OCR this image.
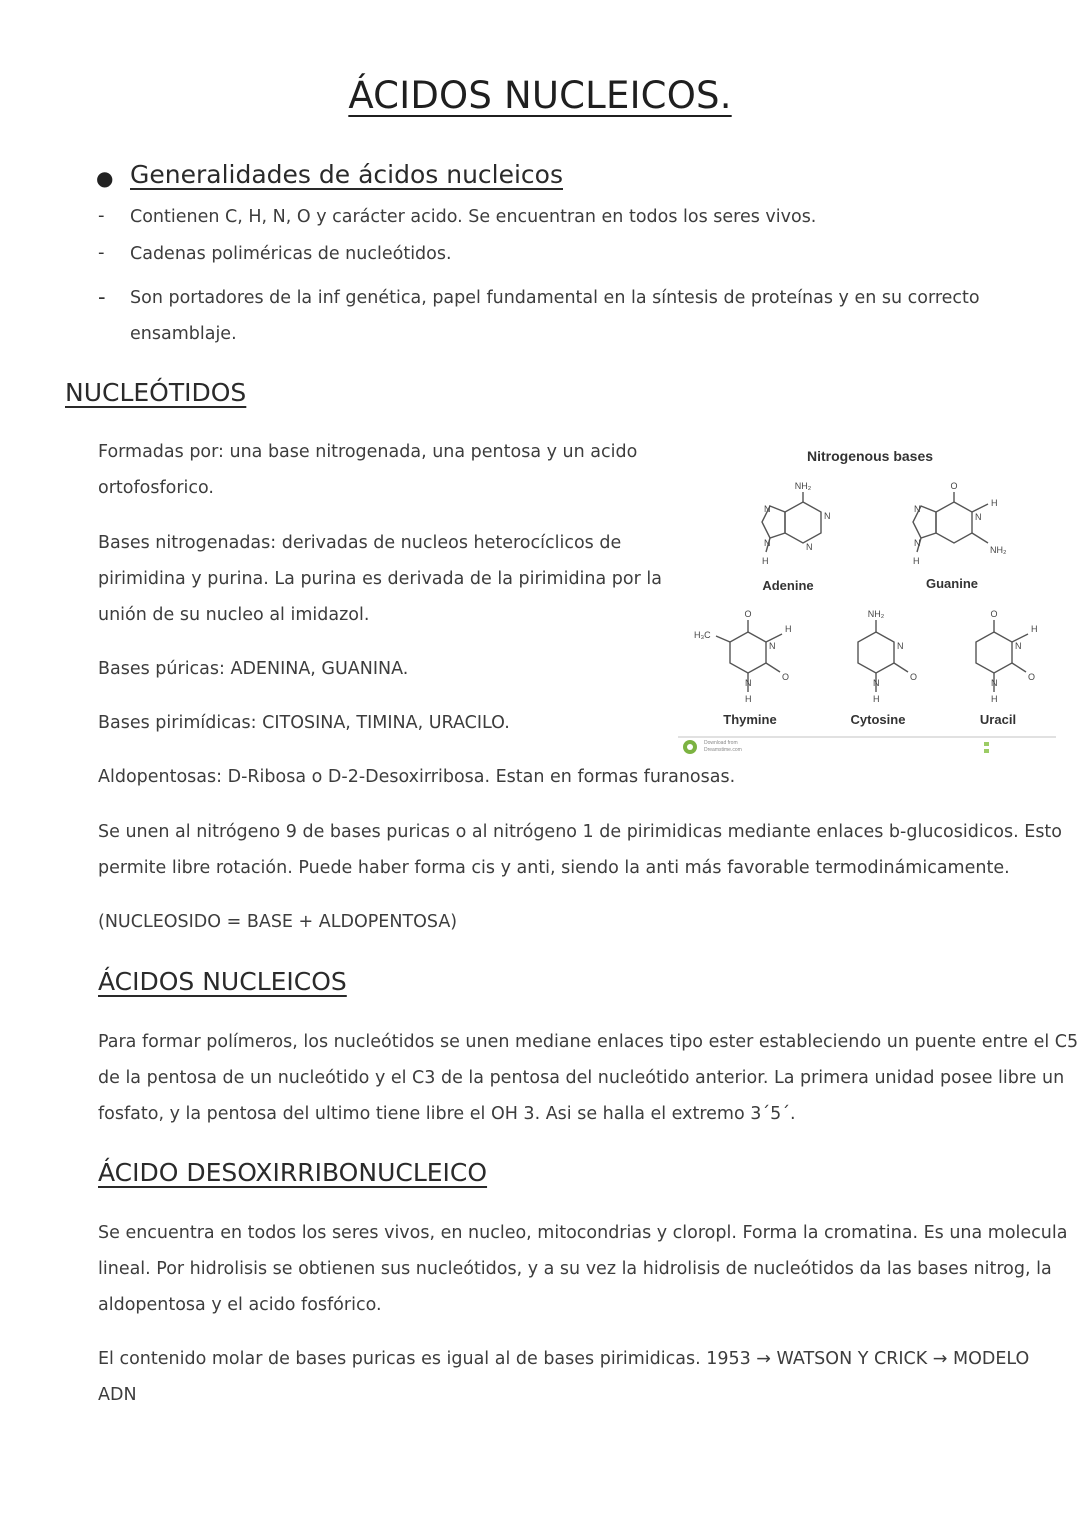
ÁCIDOS NUCLEICOS.
● Generalidades de ácidos nucleicos
- Contienen C, H, N, O y carácter acido. Se encuentran en todos los seres vivos.
- Cadenas poliméricas de nucleótidos.
- Son portadores de la inf genética, papel fundamental en la síntesis de proteínas y en su correcto
ensamblaje.
NUCLEÓTIDOS
Formadas por: una base nitrogenada, una pentosa y un acido
ortofosforico.
Bases nitrogenadas: derivadas de nucleos heterocíclicos de
pirimidina y purina. La purina es derivada de la pirimidina por la
unión de su nucleo al imidazol.
Bases púricas: ADENINA, GUANINA.
Bases pirimídicas: CITOSINA, TIMINA, URACILO.
Aldopentosas: D-Ribosa o D-2-Desoxirribosa. Estan en formas furanosas.
Se unen al nitrógeno 9 de bases puricas o al nitrógeno 1 de pirimidicas mediante enlaces b-glucosidicos. Esto
permite libre rotación. Puede haber forma cis y anti, siendo la anti más favorable termodinámicamente.
(NUCLEOSIDO = BASE + ALDOPENTOSA)
Nitrogenous bases
NH₂
N
N
N
N
H
Adenine
O
H
N
NH₂
N
N
H
Guanine
O
H₃C
H
N
O
N
H
Thymine
NH₂
N
O
N
H
Cytosine
O
H
N
O
N
H
Uracil
Download from
Dreamstime.com
ÁCIDOS NUCLEICOS
Para formar polímeros, los nucleótidos se unen mediane enlaces tipo ester estableciendo un puente entre el C5
de la pentosa de un nucleótido y el C3 de la pentosa del nucleótido anterior. La primera unidad posee libre un
fosfato, y la pentosa del ultimo tiene libre el OH 3. Asi se halla el extremo 3´5´.
ÁCIDO DESOXIRRIBONUCLEICO
Se encuentra en todos los seres vivos, en nucleo, mitocondrias y cloropl. Forma la cromatina. Es una molecula
lineal. Por hidrolisis se obtienen sus nucleótidos, y a su vez la hidrolisis de nucleótidos da las bases nitrog, la
aldopentosa y el acido fosfórico.
El contenido molar de bases puricas es igual al de bases pirimidicas. 1953 → WATSON Y CRICK → MODELO
ADN
